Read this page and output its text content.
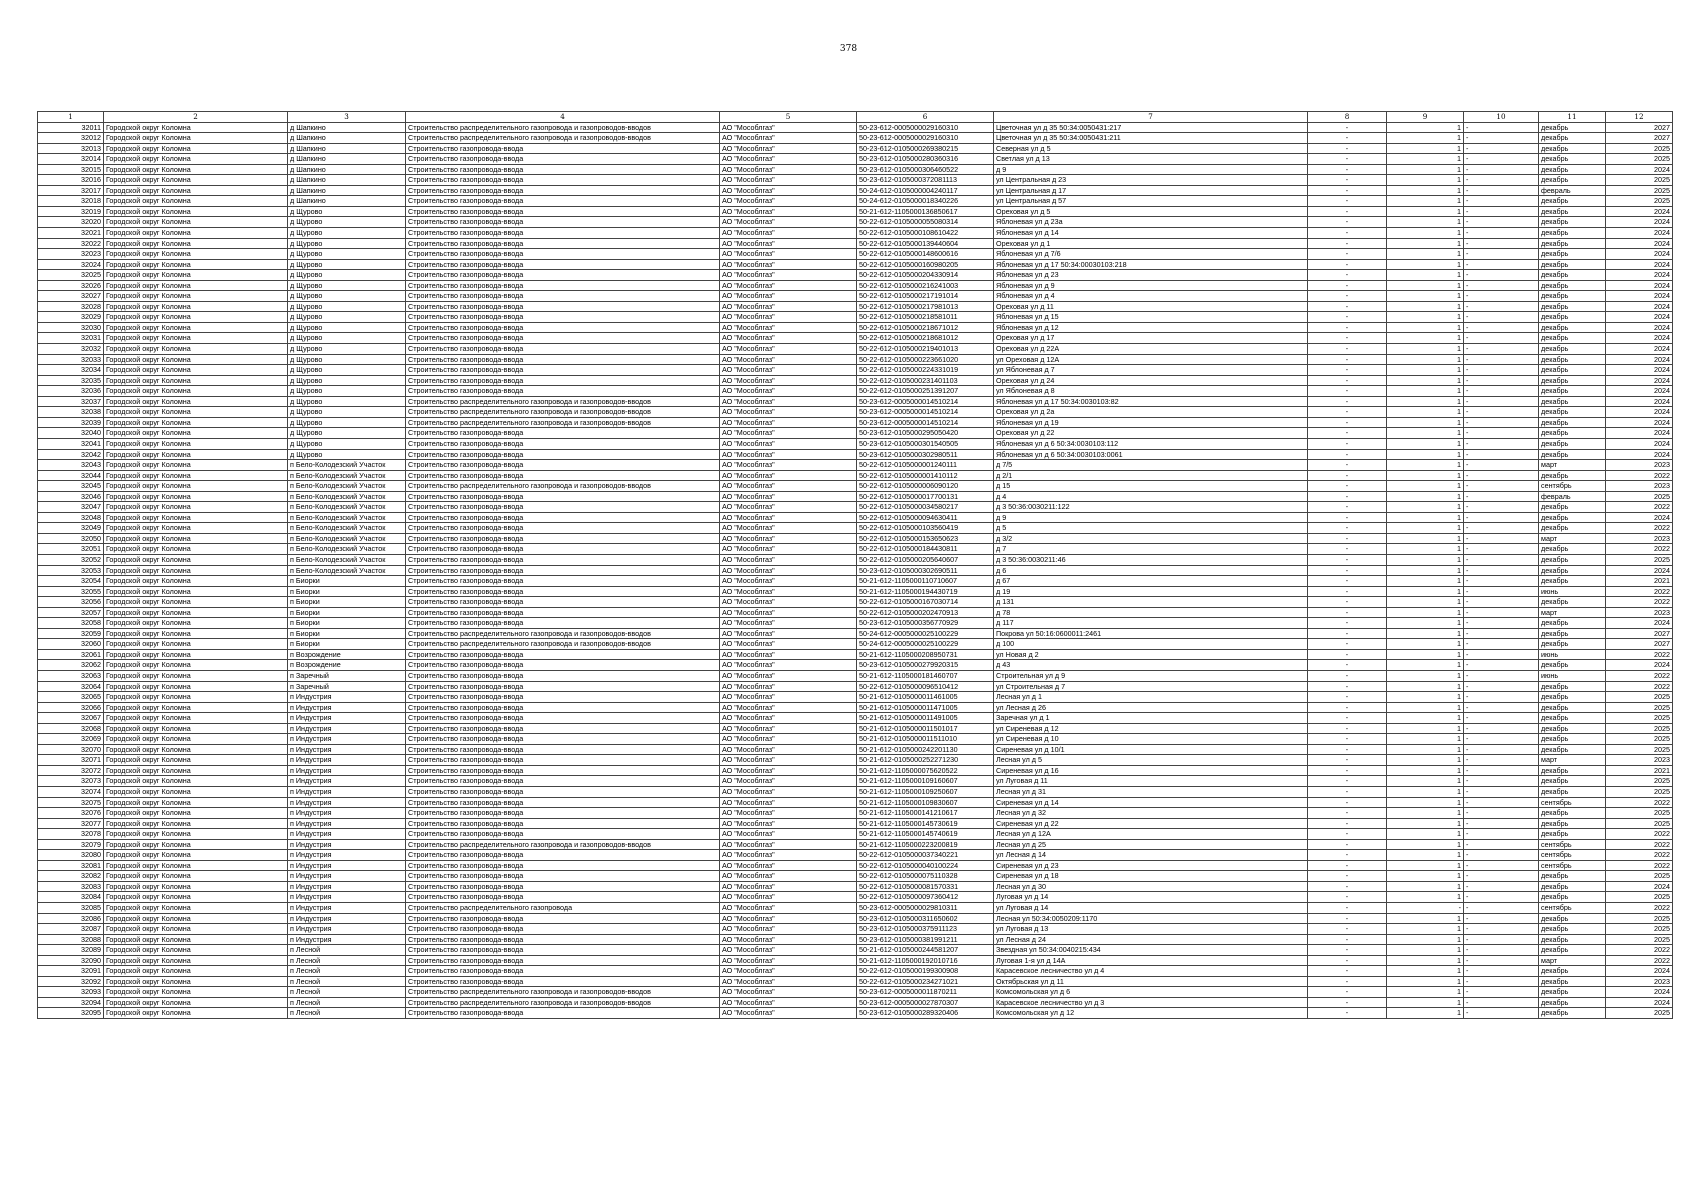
378
1	2	3	4	5	6	7	8	9	10	11	12
32011	Городской округ Коломна	д Шапкино	Строительство распределительного газопровода и газопроводов-вводов	АО "Мособлгаз"	50-23-612-0005000029160310	Цветочная ул д 35 50:34:0050431:217	-	1	-	декабрь	2027
32012	Городской округ Коломна	д Шапкино	Строительство распределительного газопровода и газопроводов-вводов	АО "Мособлгаз"	50-23-612-0005000029160310	Цветочная ул д 35 50:34:0050431:211	-	1	-	декабрь	2027
32013	Городской округ Коломна	д Шапкино	Строительство газопровода-ввода	АО "Мособлгаз"	50-23-612-0105000269380215	Северная ул д 5	-	1	-	декабрь	2025
32014	Городской округ Коломна	д Шапкино	Строительство газопровода-ввода	АО "Мособлгаз"	50-23-612-0105000280360316	Светлая ул д 13	-	1	-	декабрь	2025
32015	Городской округ Коломна	д Шапкино	Строительство газопровода-ввода	АО "Мособлгаз"	50-23-612-0105000306460522	д 9	-	1	-	декабрь	2024
32016	Городской округ Коломна	д Шапкино	Строительство газопровода-ввода	АО "Мособлгаз"	50-23-612-0105000372081113	ул Центральная д 23	-	1	-	декабрь	2025
32017	Городской округ Коломна	д Шапкино	Строительство газопровода-ввода	АО "Мособлгаз"	50-24-612-0105000004240117	ул Центральная д 17	-	1	-	февраль	2025
32018	Городской округ Коломна	д Шапкино	Строительство газопровода-ввода	АО "Мособлгаз"	50-24-612-0105000018340226	ул Центральная д 57	-	1	-	декабрь	2025
32019	Городской округ Коломна	д Щурово	Строительство газопровода-ввода	АО "Мособлгаз"	50-21-612-1105000136850617	Ореховая ул д 5	-	1	-	декабрь	2024
32020	Городской округ Коломна	д Щурово	Строительство газопровода-ввода	АО "Мособлгаз"	50-22-612-0105000055080314	Яблоневая ул д 23а	-	1	-	декабрь	2024
32021	Городской округ Коломна	д Щурово	Строительство газопровода-ввода	АО "Мособлгаз"	50-22-612-0105000108610422	Яблоневая ул д 14	-	1	-	декабрь	2024
32022	Городской округ Коломна	д Щурово	Строительство газопровода-ввода	АО "Мособлгаз"	50-22-612-0105000139440604	Ореховая ул д 1	-	1	-	декабрь	2024
32023	Городской округ Коломна	д Щурово	Строительство газопровода-ввода	АО "Мособлгаз"	50-22-612-0105000148600616	Яблоневая ул д 7/6	-	1	-	декабрь	2024
32024	Городской округ Коломна	д Щурово	Строительство газопровода-ввода	АО "Мособлгаз"	50-22-612-0105000160980205	Яблоневая ул д 17 50:34:00030103:218	-	1	-	декабрь	2024
32025	Городской округ Коломна	д Щурово	Строительство газопровода-ввода	АО "Мособлгаз"	50-22-612-0105000204330914	Яблоневая ул д 23	-	1	-	декабрь	2024
32026	Городской округ Коломна	д Щурово	Строительство газопровода-ввода	АО "Мособлгаз"	50-22-612-0105000216241003	Яблоневая ул д 9	-	1	-	декабрь	2024
32027	Городской округ Коломна	д Щурово	Строительство газопровода-ввода	АО "Мособлгаз"	50-22-612-0105000217191014	Яблоневая ул д 4	-	1	-	декабрь	2024
32028	Городской округ Коломна	д Щурово	Строительство газопровода-ввода	АО "Мособлгаз"	50-22-612-0105000217981013	Ореховая ул д 11	-	1	-	декабрь	2024
32029	Городской округ Коломна	д Щурово	Строительство газопровода-ввода	АО "Мособлгаз"	50-22-612-0105000218581011	Яблоневая ул д 15	-	1	-	декабрь	2024
32030	Городской округ Коломна	д Щурово	Строительство газопровода-ввода	АО "Мособлгаз"	50-22-612-0105000218671012	Яблоневая ул д 12	-	1	-	декабрь	2024
32031	Городской округ Коломна	д Щурово	Строительство газопровода-ввода	АО "Мособлгаз"	50-22-612-0105000218681012	Ореховая ул д 17	-	1	-	декабрь	2024
32032	Городской округ Коломна	д Щурово	Строительство газопровода-ввода	АО "Мособлгаз"	50-22-612-0105000219401013	Ореховая ул д 22А	-	1	-	декабрь	2024
32033	Городской округ Коломна	д Щурово	Строительство газопровода-ввода	АО "Мособлгаз"	50-22-612-0105000223661020	ул Ореховая д 12А	-	1	-	декабрь	2024
32034	Городской округ Коломна	д Щурово	Строительство газопровода-ввода	АО "Мособлгаз"	50-22-612-0105000224331019	ул Яблоневая д 7	-	1	-	декабрь	2024
32035	Городской округ Коломна	д Щурово	Строительство газопровода-ввода	АО "Мособлгаз"	50-22-612-0105000231401103	Ореховая ул д 24	-	1	-	декабрь	2024
32036	Городской округ Коломна	д Щурово	Строительство газопровода-ввода	АО "Мособлгаз"	50-22-612-0105000251391207	ул Яблоневая д 8	-	1	-	декабрь	2024
32037	Городской округ Коломна	д Щурово	Строительство распределительного газопровода и газопроводов-вводов	АО "Мособлгаз"	50-23-612-0005000014510214	Яблоневая ул д 17 50:34:0030103:82	-	1	-	декабрь	2024
32038	Городской округ Коломна	д Щурово	Строительство распределительного газопровода и газопроводов-вводов	АО "Мособлгаз"	50-23-612-0005000014510214	Ореховая ул д 2а	-	1	-	декабрь	2024
32039	Городской округ Коломна	д Щурово	Строительство распределительного газопровода и газопроводов-вводов	АО "Мособлгаз"	50-23-612-0005000014510214	Яблоневая ул д 19	-	1	-	декабрь	2024
32040	Городской округ Коломна	д Щурово	Строительство газопровода-ввода	АО "Мособлгаз"	50-23-612-0105000295050420	Ореховая ул д 22	-	1	-	декабрь	2024
32041	Городской округ Коломна	д Щурово	Строительство газопровода-ввода	АО "Мособлгаз"	50-23-612-0105000301540505	Яблоневая ул д 6 50:34:0030103:112	-	1	-	декабрь	2024
32042	Городской округ Коломна	д Щурово	Строительство газопровода-ввода	АО "Мособлгаз"	50-23-612-0105000302980511	Яблоневая ул д 6 50:34:0030103:0061	-	1	-	декабрь	2024
32043	Городской округ Коломна	п Бело-Колодезский Участок	Строительство газопровода-ввода	АО "Мособлгаз"	50-22-612-0105000001240111	д 7/5	-	1	-	март	2023
32044	Городской округ Коломна	п Бело-Колодезский Участок	Строительство газопровода-ввода	АО "Мособлгаз"	50-22-612-0105000001410112	д 2/1	-	1	-	декабрь	2022
32045	Городской округ Коломна	п Бело-Колодезский Участок	Строительство распределительного газопровода и газопроводов-вводов	АО "Мособлгаз"	50-22-612-0105000006090120	д 15	-	1	-	сентябрь	2023
32046	Городской округ Коломна	п Бело-Колодезский Участок	Строительство газопровода-ввода	АО "Мособлгаз"	50-22-612-0105000017700131	д 4	-	1	-	февраль	2025
32047	Городской округ Коломна	п Бело-Колодезский Участок	Строительство газопровода-ввода	АО "Мособлгаз"	50-22-612-0105000034580217	д 3 50:36:0030211:122	-	1	-	декабрь	2022
32048	Городской округ Коломна	п Бело-Колодезский Участок	Строительство газопровода-ввода	АО "Мособлгаз"	50-22-612-0105000094630411	д 9	-	1	-	декабрь	2024
32049	Городской округ Коломна	п Бело-Колодезский Участок	Строительство газопровода-ввода	АО "Мособлгаз"	50-22-612-0105000103560419	д 5	-	1	-	декабрь	2022
32050	Городской округ Коломна	п Бело-Колодезский Участок	Строительство газопровода-ввода	АО "Мособлгаз"	50-22-612-0105000153650623	д 3/2	-	1	-	март	2023
32051	Городской округ Коломна	п Бело-Колодезский Участок	Строительство газопровода-ввода	АО "Мособлгаз"	50-22-612-0105000184430811	д 7	-	1	-	декабрь	2022
32052	Городской округ Коломна	п Бело-Колодезский Участок	Строительство газопровода-ввода	АО "Мособлгаз"	50-22-612-0105000205640607	д 3 50:36:0030211:46	-	1	-	декабрь	2025
32053	Городской округ Коломна	п Бело-Колодезский Участок	Строительство газопровода-ввода	АО "Мособлгаз"	50-23-612-0105000302690511	д 6	-	1	-	декабрь	2024
32054	Городской округ Коломна	п Биорки	Строительство газопровода-ввода	АО "Мособлгаз"	50-21-612-1105000110710607	д 67	-	1	-	декабрь	2021
32055	Городской округ Коломна	п Биорки	Строительство газопровода-ввода	АО "Мособлгаз"	50-21-612-1105000194430719	д 19	-	1	-	июнь	2022
32056	Городской округ Коломна	п Биорки	Строительство газопровода-ввода	АО "Мособлгаз"	50-22-612-0105000167030714	д 131	-	1	-	декабрь	2022
32057	Городской округ Коломна	п Биорки	Строительство газопровода-ввода	АО "Мособлгаз"	50-22-612-0105000202470913	д 78	-	1	-	март	2023
32058	Городской округ Коломна	п Биорки	Строительство газопровода-ввода	АО "Мособлгаз"	50-23-612-0105000356770929	д 117	-	1	-	декабрь	2024
32059	Городской округ Коломна	п Биорки	Строительство распределительного газопровода и газопроводов-вводов	АО "Мособлгаз"	50-24-612-0005000025100229	Покрова ул 50:16:0600011:2461	-	1	-	декабрь	2027
32060	Городской округ Коломна	п Биорки	Строительство распределительного газопровода и газопроводов-вводов	АО "Мособлгаз"	50-24-612-0005000025100229	д 100	-	1	-	декабрь	2027
32061	Городской округ Коломна	п Возрождение	Строительство газопровода-ввода	АО "Мособлгаз"	50-21-612-1105000208950731	ул Новая д 2	-	1	-	июнь	2022
32062	Городской округ Коломна	п Возрождение	Строительство газопровода-ввода	АО "Мособлгаз"	50-23-612-0105000279920315	д 43	-	1	-	декабрь	2024
32063	Городской округ Коломна	п Заречный	Строительство газопровода-ввода	АО "Мособлгаз"	50-21-612-1105000181460707	Строительная ул д 9	-	1	-	июнь	2022
32064	Городской округ Коломна	п Заречный	Строительство газопровода-ввода	АО "Мособлгаз"	50-22-612-0105000096510412	ул Строительная д 7	-	1	-	декабрь	2022
32065	Городской округ Коломна	п Индустрия	Строительство газопровода-ввода	АО "Мособлгаз"	50-21-612-0105000011461005	Лесная ул д 1	-	1	-	декабрь	2025
32066	Городской округ Коломна	п Индустрия	Строительство газопровода-ввода	АО "Мособлгаз"	50-21-612-0105000011471005	ул Лесная д 26	-	1	-	декабрь	2025
32067	Городской округ Коломна	п Индустрия	Строительство газопровода-ввода	АО "Мособлгаз"	50-21-612-0105000011491005	Заречная ул д 1	-	1	-	декабрь	2025
32068	Городской округ Коломна	п Индустрия	Строительство газопровода-ввода	АО "Мособлгаз"	50-21-612-0105000011501017	ул Сиреневая д 12	-	1	-	декабрь	2025
32069	Городской округ Коломна	п Индустрия	Строительство газопровода-ввода	АО "Мособлгаз"	50-21-612-0105000011511010	ул Сиреневая д 10	-	1	-	декабрь	2025
32070	Городской округ Коломна	п Индустрия	Строительство газопровода-ввода	АО "Мособлгаз"	50-21-612-0105000242201130	Сиреневая ул д 10/1	-	1	-	декабрь	2025
32071	Городской округ Коломна	п Индустрия	Строительство газопровода-ввода	АО "Мособлгаз"	50-21-612-0105000252271230	Лесная ул д 5	-	1	-	март	2023
32072	Городской округ Коломна	п Индустрия	Строительство газопровода-ввода	АО "Мособлгаз"	50-21-612-1105000075620522	Сиреневая ул д 16	-	1	-	декабрь	2021
32073	Городской округ Коломна	п Индустрия	Строительство газопровода-ввода	АО "Мособлгаз"	50-21-612-1105000109160607	ул Луговая д 11	-	1	-	декабрь	2025
32074	Городской округ Коломна	п Индустрия	Строительство газопровода-ввода	АО "Мособлгаз"	50-21-612-1105000109250607	Лесная ул д 31	-	1	-	декабрь	2025
32075	Городской округ Коломна	п Индустрия	Строительство газопровода-ввода	АО "Мособлгаз"	50-21-612-1105000109830607	Сиреневая ул д 14	-	1	-	сентябрь	2022
32076	Городской округ Коломна	п Индустрия	Строительство газопровода-ввода	АО "Мособлгаз"	50-21-612-1105000141210617	Лесная ул д 32	-	1	-	декабрь	2025
32077	Городской округ Коломна	п Индустрия	Строительство газопровода-ввода	АО "Мособлгаз"	50-21-612-1105000145730619	Сиреневая ул д 22	-	1	-	декабрь	2025
32078	Городской округ Коломна	п Индустрия	Строительство газопровода-ввода	АО "Мособлгаз"	50-21-612-1105000145740619	Лесная ул д 12А	-	1	-	декабрь	2022
32079	Городской округ Коломна	п Индустрия	Строительство распределительного газопровода и газопроводов-вводов	АО "Мособлгаз"	50-21-612-1105000223200819	Лесная ул д 25	-	1	-	сентябрь	2022
32080	Городской округ Коломна	п Индустрия	Строительство газопровода-ввода	АО "Мособлгаз"	50-22-612-0105000037340221	ул Лесная д 14	-	1	-	сентябрь	2022
32081	Городской округ Коломна	п Индустрия	Строительство газопровода-ввода	АО "Мособлгаз"	50-22-612-0105000040100224	Сиреневая ул д 23	-	1	-	сентябрь	2022
32082	Городской округ Коломна	п Индустрия	Строительство газопровода-ввода	АО "Мособлгаз"	50-22-612-0105000075110328	Сиреневая ул д 18	-	1	-	декабрь	2025
32083	Городской округ Коломна	п Индустрия	Строительство газопровода-ввода	АО "Мособлгаз"	50-22-612-0105000081570331	Лесная ул д 30	-	1	-	декабрь	2024
32084	Городской округ Коломна	п Индустрия	Строительство газопровода-ввода	АО "Мособлгаз"	50-22-612-0105000097360412	Луговая ул д 14	-	1	-	декабрь	2025
32085	Городской округ Коломна	п Индустрия	Строительство распределительного газопровода	АО "Мособлгаз"	50-23-612-0005000029810311	ул Луговая д 14	-	-	-	сентябрь	2022
32086	Городской округ Коломна	п Индустрия	Строительство газопровода-ввода	АО "Мособлгаз"	50-23-612-0105000311650602	Лесная ул 50:34:0050209:1170	-	1	-	декабрь	2025
32087	Городской округ Коломна	п Индустрия	Строительство газопровода-ввода	АО "Мособлгаз"	50-23-612-0105000375911123	ул Луговая д 13	-	1	-	декабрь	2025
32088	Городской округ Коломна	п Индустрия	Строительство газопровода-ввода	АО "Мособлгаз"	50-23-612-0105000381991211	ул Лесная д 24	-	1	-	декабрь	2025
32089	Городской округ Коломна	п Лесной	Строительство газопровода-ввода	АО "Мособлгаз"	50-21-612-0105000244581207	Звездная ул 50:34:0040215:434	-	1	-	декабрь	2022
32090	Городской округ Коломна	п Лесной	Строительство газопровода-ввода	АО "Мособлгаз"	50-21-612-1105000192010716	Луговая 1-я ул д 14А	-	1	-	март	2022
32091	Городской округ Коломна	п Лесной	Строительство газопровода-ввода	АО "Мособлгаз"	50-22-612-0105000199300908	Карасевское лесничество ул д 4	-	1	-	декабрь	2024
32092	Городской округ Коломна	п Лесной	Строительство газопровода-ввода	АО "Мособлгаз"	50-22-612-0105000234271021	Октябрьская ул д 11	-	1	-	декабрь	2023
32093	Городской округ Коломна	п Лесной	Строительство распределительного газопровода и газопроводов-вводов	АО "Мособлгаз"	50-23-612-0005000011870211	Комсомольская ул д 6	-	1	-	декабрь	2024
32094	Городской округ Коломна	п Лесной	Строительство распределительного газопровода и газопроводов-вводов	АО "Мособлгаз"	50-23-612-0005000027870307	Карасевское лесничество ул д 3	-	1	-	декабрь	2024
32095	Городской округ Коломна	п Лесной	Строительство газопровода-ввода	АО "Мособлгаз"	50-23-612-0105000289320406	Комсомольская ул д 12	-	1	-	декабрь	2025
